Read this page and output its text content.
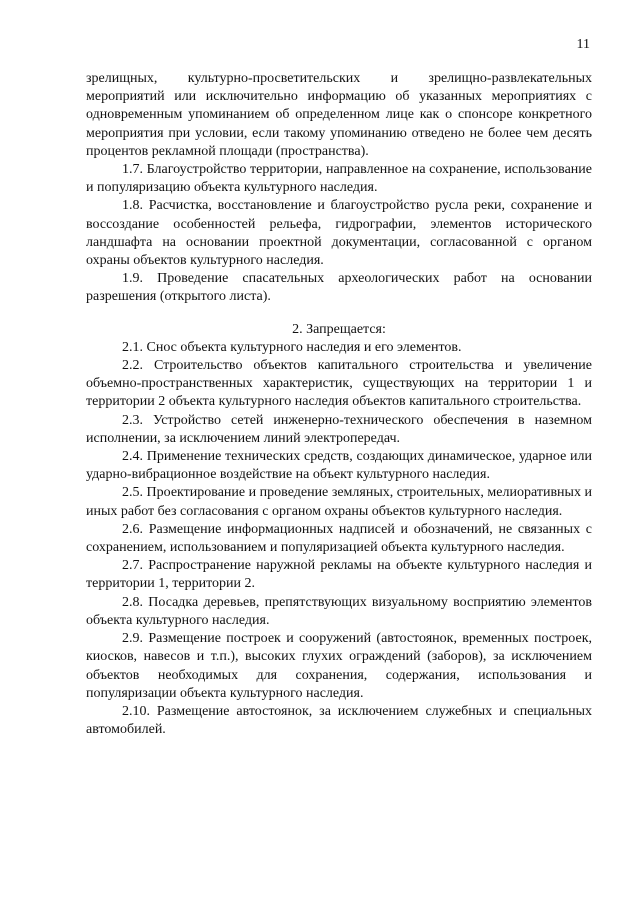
11

зрелищных, культурно-просветительских и зрелищно-развлекательных мероприятий или исключительно информацию об указанных мероприятиях с одновременным упоминанием об определенном лице как о спонсоре конкретного мероприятия при условии, если такому упоминанию отведено не более чем десять процентов рекламной площади (пространства).

1.7. Благоустройство территории, направленное на сохранение, использование и популяризацию объекта культурного наследия.

1.8. Расчистка, восстановление и благоустройство русла реки, сохранение и воссоздание особенностей рельефа, гидрографии, элементов исторического ландшафта на основании проектной документации, согласованной с органом охраны объектов культурного наследия.

1.9. Проведение спасательных археологических работ на основании разрешения (открытого листа).

2. Запрещается:

2.1. Снос объекта культурного наследия и его элементов.

2.2. Строительство объектов капитального строительства и увеличение объемно-пространственных характеристик, существующих на территории 1 и территории 2 объекта культурного наследия объектов капитального строительства.

2.3. Устройство сетей инженерно-технического обеспечения в наземном исполнении, за исключением линий электропередач.

2.4. Применение технических средств, создающих динамическое, ударное или ударно-вибрационное воздействие на объект культурного наследия.

2.5. Проектирование и проведение земляных, строительных, мелиоративных и иных работ без согласования с органом охраны объектов культурного наследия.

2.6. Размещение информационных надписей и обозначений, не связанных с сохранением, использованием и популяризацией объекта культурного наследия.

2.7. Распространение наружной рекламы на объекте культурного наследия и территории 1, территории 2.

2.8. Посадка деревьев, препятствующих визуальному восприятию элементов объекта культурного наследия.

2.9. Размещение построек и сооружений (автостоянок, временных построек, киосков, навесов и т.п.), высоких глухих ограждений (заборов), за исключением объектов необходимых для сохранения, содержания, использования и популяризации объекта культурного наследия.

2.10. Размещение автостоянок, за исключением служебных и специальных автомобилей.
